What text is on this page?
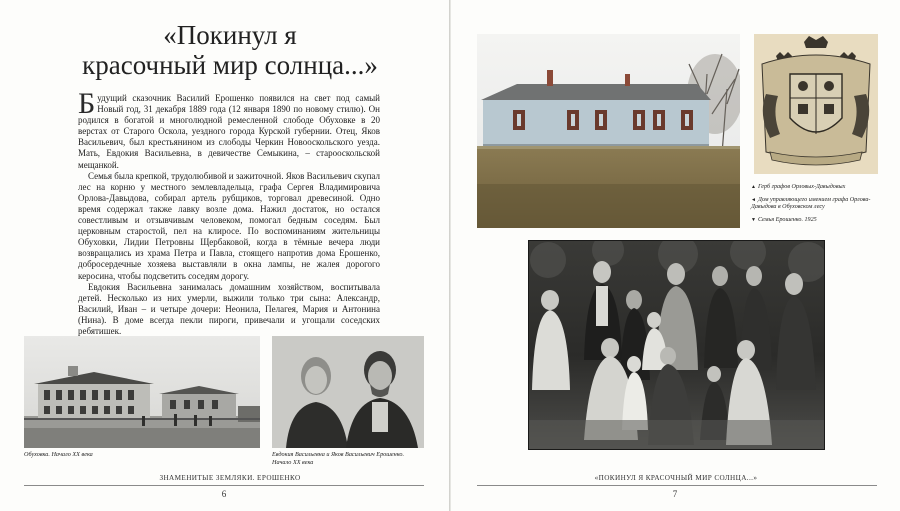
«Покинул я
красочный мир солнца...»

Будущий сказочник Василий Ерошенко появился на свет под самый Новый год, 31 декабря 1889 года (12 января 1890 по новому стилю). Он родился в богатой и многолюдной ремесленной слободе Обуховке в 20 верстах от Старого Оскола, уездного города Курской губернии. Отец, Яков Васильевич, был крестьянином из слободы Черкин Новооскольского уезда. Мать, Евдокия Васильевна, в девичестве Семыкина, – старооскольской мещанкой.

Семья была крепкой, трудолюбивой и зажиточной. Яков Васильевич скупал лес на корню у местного землевладельца, графа Сергея Владимировича Орлова-Давыдова, собирал артель рубщиков, торговал древесиной. Одно время содержал также лавку возле дома. Нажил достаток, но остался совестливым и отзывчивым человеком, помогал бедным соседям. Был церковным старостой, пел на клиросе. По воспоминаниям жительницы Обуховки, Лидии Петровны Щербаковой, когда в тёмные вечера люди возвращались из храма Петра и Павла, стоящего напротив дома Ерошенко, добросердечные хозяева выставляли в окна лампы, не жалея дорогого керосина, чтобы подсветить соседям дорогу.

Евдокия Васильевна занималась домашним хозяйством, воспитывала детей. Несколько из них умерли, выжили только три сына: Александр, Василий, Иван – и четыре дочери: Неонила, Пелагея, Мария и Антонина (Нина). В доме всегда пекли пироги, привечали и угощали соседских ребятишек.

Обуховка. Начало XX века	Евдокия Васильевна и Яков Васильевич Ерошенко. Начало XX века
ЗНАМЕНИТЫЕ ЗЕМЛЯКИ. ЕРОШЕНКО
6
▲ Герб графов Орловых-Давыдовых
◄ Дом управляющего имением графа Орлова-Давыдова в Обуховском лесу
▼ Семья Ерошенко. 1925
«ПОКИНУЛ Я КРАСОЧНЫЙ МИР СОЛНЦА...»
7
